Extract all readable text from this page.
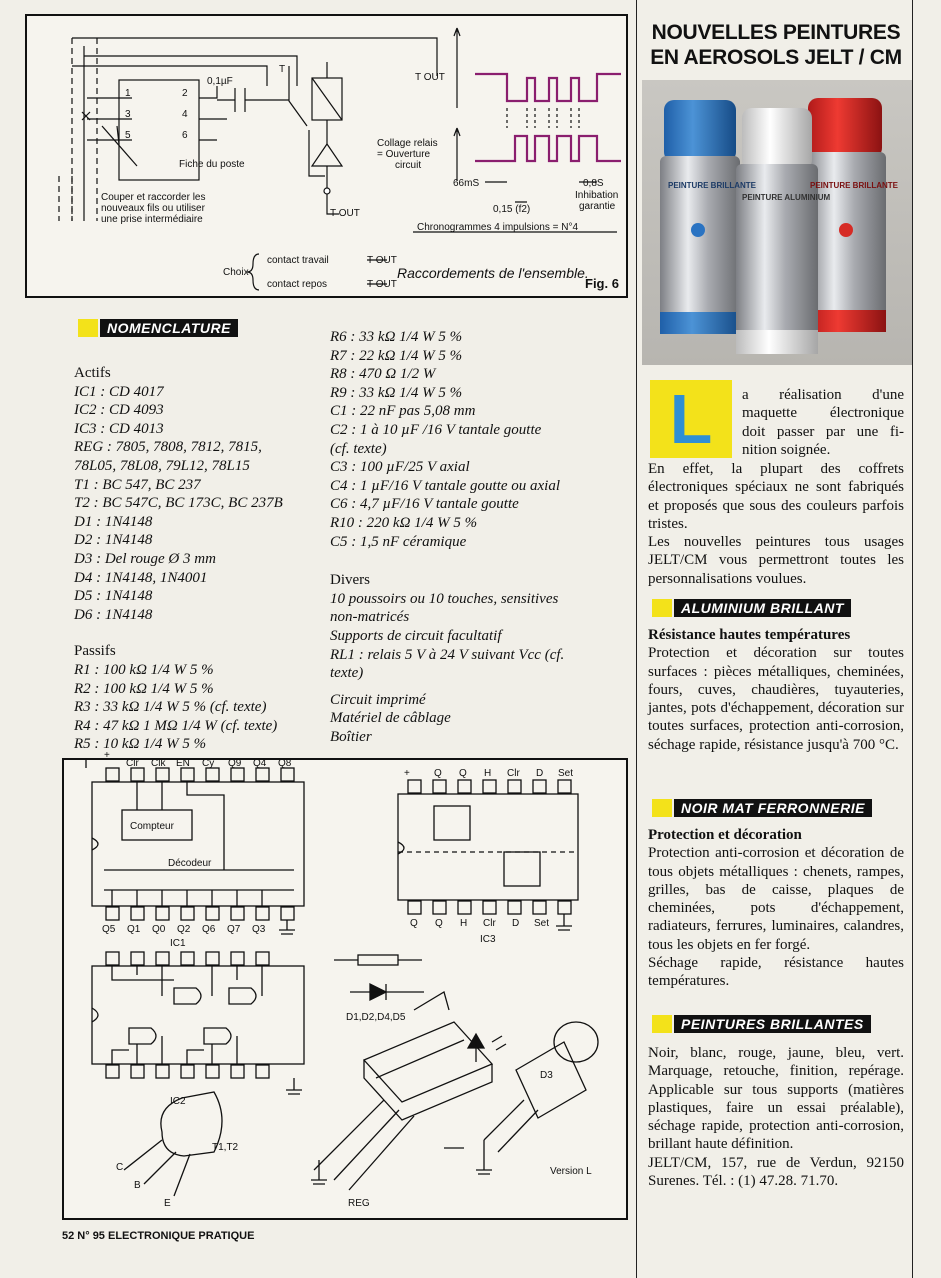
1	2
3	4
5	6
0,1µF
T
T OUT
Fiche du poste
Couper et raccorder les
nouveaux fils ou utiliser
une prise intermédiaire
T OUT
Collage relais
= Ouverture
circuit
66mS
0,15 (f2)
0,8S
Inhibation
garantie
Chronogrammes 4 impulsions = N°4
Choix
contact travail
contact repos
T OUT
T OUT
Raccordements de l'ensemble.
Fig. 6
NOMENCLATURE
Actifs
IC1 : CD 4017
IC2 : CD 4093
IC3 : CD 4013
REG : 7805, 7808, 7812, 7815,
78L05, 78L08, 79L12, 78L15
T1 : BC 547, BC 237
T2 : BC 547C, BC 173C, BC 237B
D1 : 1N4148
D2 : 1N4148
D3 : Del rouge Ø 3 mm
D4 : 1N4148, 1N4001
D5 : 1N4148
D6 : 1N4148
Passifs
R1 : 100 kΩ 1/4 W 5 %
R2 : 100 kΩ 1/4 W 5 %
R3 : 33 kΩ 1/4 W 5 % (cf. texte)
R4 : 47 kΩ 1 MΩ 1/4 W (cf. texte)
R5 : 10 kΩ 1/4 W 5 %
R6 : 33 kΩ 1/4 W 5 %
R7 : 22 kΩ 1/4 W 5 %
R8 : 470 Ω 1/2 W
R9 : 33 kΩ 1/4 W 5 %
C1 : 22 nF pas 5,08 mm
C2 : 1 à 10 µF /16 V tantale goutte
(cf. texte)
C3 : 100 µF/25 V axial
C4 : 1 µF/16 V tantale goutte ou axial
C6 : 4,7 µF/16 V tantale goutte
R10 : 220 kΩ 1/4 W 5 %
C5 : 1,5 nF céramique
Divers
10 poussoirs ou 10 touches, sensitives
non-matricés
Supports de circuit facultatif
RL1 : relais 5 V à 24 V suivant Vcc (cf.
texte)
Circuit imprimé
Matériel de câblage
Boîtier
+
Clr Clk EN Cy Q9 Q4 Q8
Compteur
Décodeur
Q5 Q1 Q0 Q2 Q6 Q7 Q3
IC1
IC2
+ Q Q H Clr D Set
Q Q H Clr D Set
IC3
D1,D2,D4,D5
D3
T1,T2
C
B
E	REG
Version L
52 N° 95 ELECTRONIQUE PRATIQUE
NOUVELLES PEINTURES
EN AEROSOLS JELT / CM
PEINTURE BRILLANTE
PEINTURE ALUMINIUM
PEINTURE BRILLANTE
L a réalisation d'une
maquette électronique
doit passer par une fi-
nition soignée.

En effet, la plupart des coffrets électroniques spéciaux ne sont fabriqués et proposés que sous des couleurs parfois tristes.

Les nouvelles peintures tous usages JELT/CM vous permettront toutes les personnalisations voulues.

ALUMINIUM BRILLANT

Résistance hautes températures

Protection et décoration sur toutes surfaces : pièces métalliques, cheminées, fours, cuves, chaudières, tuyauteries, jantes, pots d'échappement, décoration sur toutes surfaces, protection anti-corrosion, séchage rapide, résistance jusqu'à 700 °C.

NOIR MAT FERRONNERIE

Protection et décoration

Protection anti-corrosion et décoration de tous objets métalliques : chenets, rampes, grilles, bas de caisse, plaques de cheminées, pots d'échappement, radiateurs, ferrures, luminaires, calandres, tous les objets en fer forgé.

Séchage rapide, résistance hautes températures.

PEINTURES BRILLANTES

Noir, blanc, rouge, jaune, bleu, vert. Marquage, retouche, finition, repérage. Applicable sur tous supports (matières plastiques, faire un essai préalable), séchage rapide, protection anti-corrosion, brillant haute définition.

JELT/CM, 157, rue de Verdun, 92150 Surenes. Tél. : (1) 47.28. 71.70.
